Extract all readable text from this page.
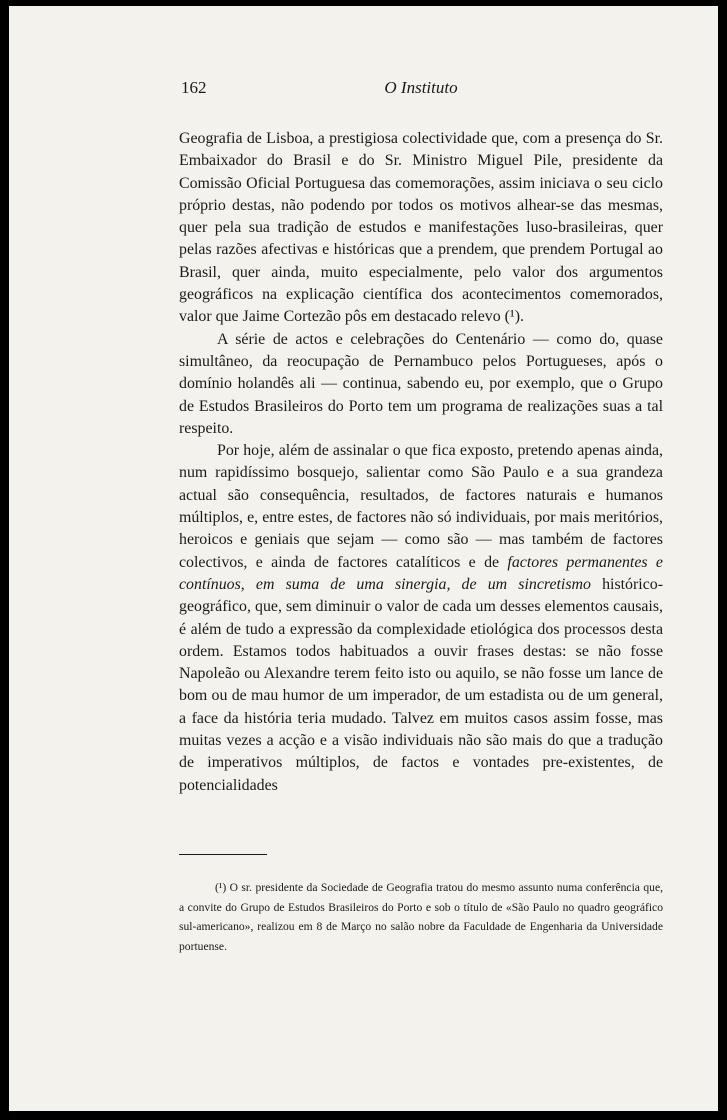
162	O Instituto

Geografia de Lisboa, a prestigiosa colectividade que, com a presença do Sr. Embaixador do Brasil e do Sr. Ministro Miguel Pile, presidente da Comissão Oficial Portuguesa das comemorações, assim iniciava o seu ciclo próprio destas, não podendo por todos os motivos alhear-se das mesmas, quer pela sua tradição de estudos e manifestações luso-brasileiras, quer pelas razões afectivas e históricas que a prendem, que prendem Portugal ao Brasil, quer ainda, muito especialmente, pelo valor dos argumentos geográficos na explicação científica dos acontecimentos comemorados, valor que Jaime Cortezão pôs em destacado relevo (¹).

A série de actos e celebrações do Centenário — como do, quase simultâneo, da reocupação de Pernambuco pelos Portugueses, após o domínio holandês ali — continua, sabendo eu, por exemplo, que o Grupo de Estudos Brasileiros do Porto tem um programa de realizações suas a tal respeito.

Por hoje, além de assinalar o que fica exposto, pretendo apenas ainda, num rapidíssimo bosquejo, salientar como São Paulo e a sua grandeza actual são consequência, resultados, de factores naturais e humanos múltiplos, e, entre estes, de factores não só individuais, por mais meritórios, heroicos e geniais que sejam — como são — mas também de factores colectivos, e ainda de factores catalíticos e de factores permanentes e contínuos, em suma de uma sinergia, de um sincretismo histórico-geográfico, que, sem diminuir o valor de cada um desses elementos causais, é além de tudo a expressão da complexidade etiológica dos processos desta ordem. Estamos todos habituados a ouvir frases destas: se não fosse Napoleão ou Alexandre terem feito isto ou aquilo, se não fosse um lance de bom ou de mau humor de um imperador, de um estadista ou de um general, a face da história teria mudado. Talvez em muitos casos assim fosse, mas muitas vezes a acção e a visão individuais não são mais do que a tradução de imperativos múltiplos, de factos e vontades pre-existentes, de potencialidades

(¹) O sr. presidente da Sociedade de Geografia tratou do mesmo assunto numa conferência que, a convite do Grupo de Estudos Brasileiros do Porto e sob o título de «São Paulo no quadro geográfico sul-americano», realizou em 8 de Março no salão nobre da Faculdade de Engenharia da Universidade portuense.
